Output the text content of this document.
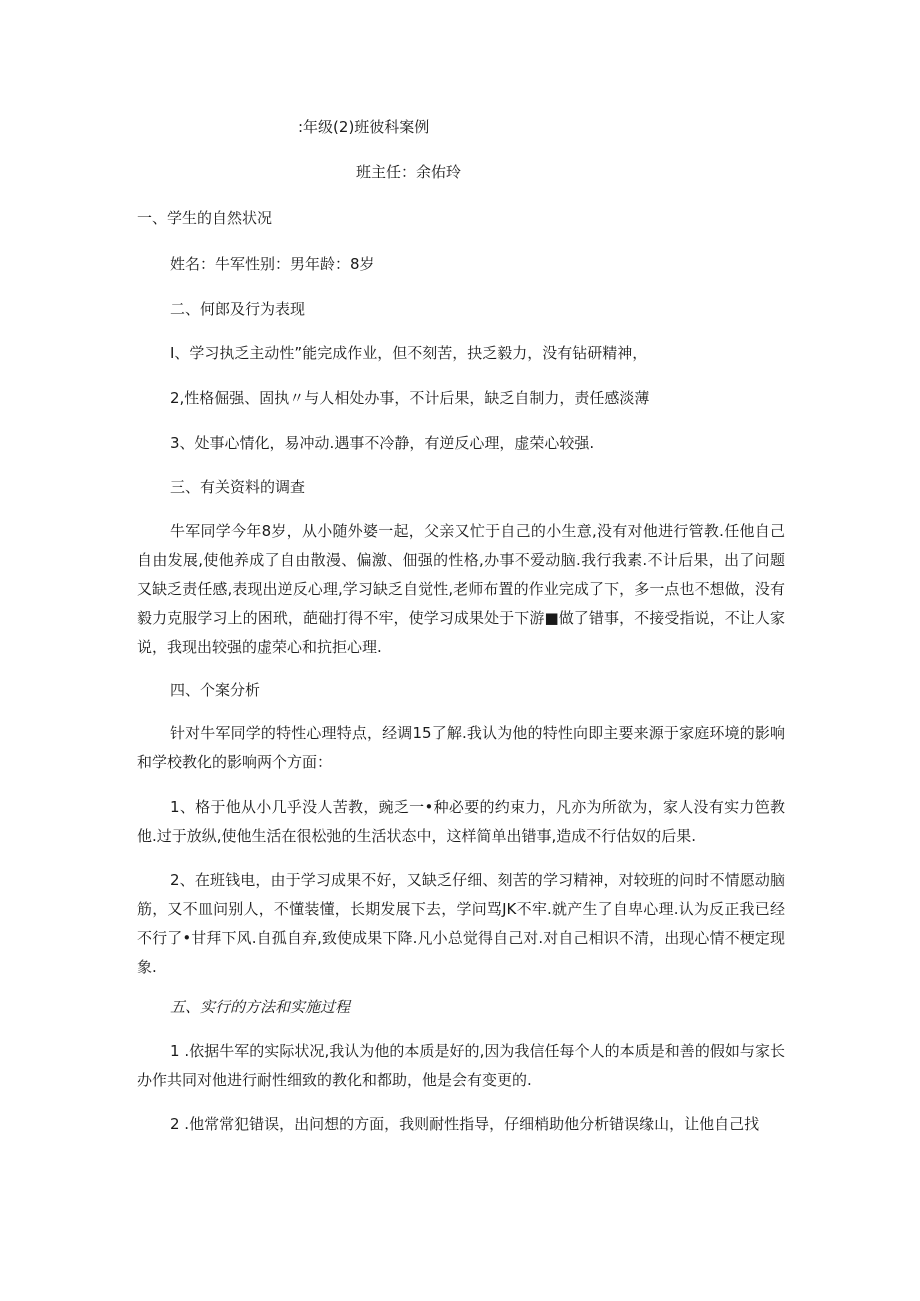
:年级(2)班彼科案例
班主任：余佑玲
一、学生的自然状况
姓名：牛军性别：男年龄：8岁
二、何郎及行为表现
I、学习执乏主动性”能完成作业，但不刻苦，抉乏毅力，没有钻研精神，
2,性格倔强、固执〃与人相处办事，不计后果，缺乏自制力，责任感淡薄
3、处事心情化，易冲动.遇事不冷静，有逆反心理，虚荣心较强.
三、有关资料的调查

牛军同学今年8岁，从小随外婆一起，父亲又忙于自己的小生意,没有对他进行管教.任他自己自由发展,使他养成了自由散漫、偏激、佃强的性格,办事不爱动脑.我行我素.不计后果，出了问题又缺乏责任感,表现出逆反心理,学习缺乏自觉性,老师布置的作业完成了下，多一点也不想做，没有毅力克服学习上的困玳，葩础打得不牢，使学习成果处于下游■做了错事，不接受指说，不让人家说，我现出较强的虚荣心和抗拒心理.

四、个案分析

针对牛军同学的特性心理特点，经调15了解.我认为他的特性向即主要来源于家庭环境的影响和学校教化的影响两个方面：

1、格于他从小几乎没人苦教，豌乏一•种必要的约束力，凡亦为所欲为，家人没有实力笆教他.过于放纵,使他生活在很松弛的生活状态中，这样简单出错事,造成不行估奴的后果.

2、在班钱电，由于学习成果不好，又缺乏仔细、刻苦的学习精神，对较班的问时不情愿动脑筋，又不皿问别人，不懂装懂，长期发展下去，学问骂JK不牢.就产生了自卑心理.认为反正我已经不行了•甘拜下风.自孤自弃,致使成果下降.凡小总觉得自己对.对自己相识不清，出现心情不梗定现象.

五、实行的方法和实施过程

1 .依据牛军的实际状况,我认为他的本质是好的,因为我信任每个人的本质是和善的假如与家长办作共同对他进行耐性细致的教化和都助，他是会有变更的.

2 .他常常犯错误，出问想的方面，我则耐性指导，仔细梢助他分析错误缘山，让他自己找
